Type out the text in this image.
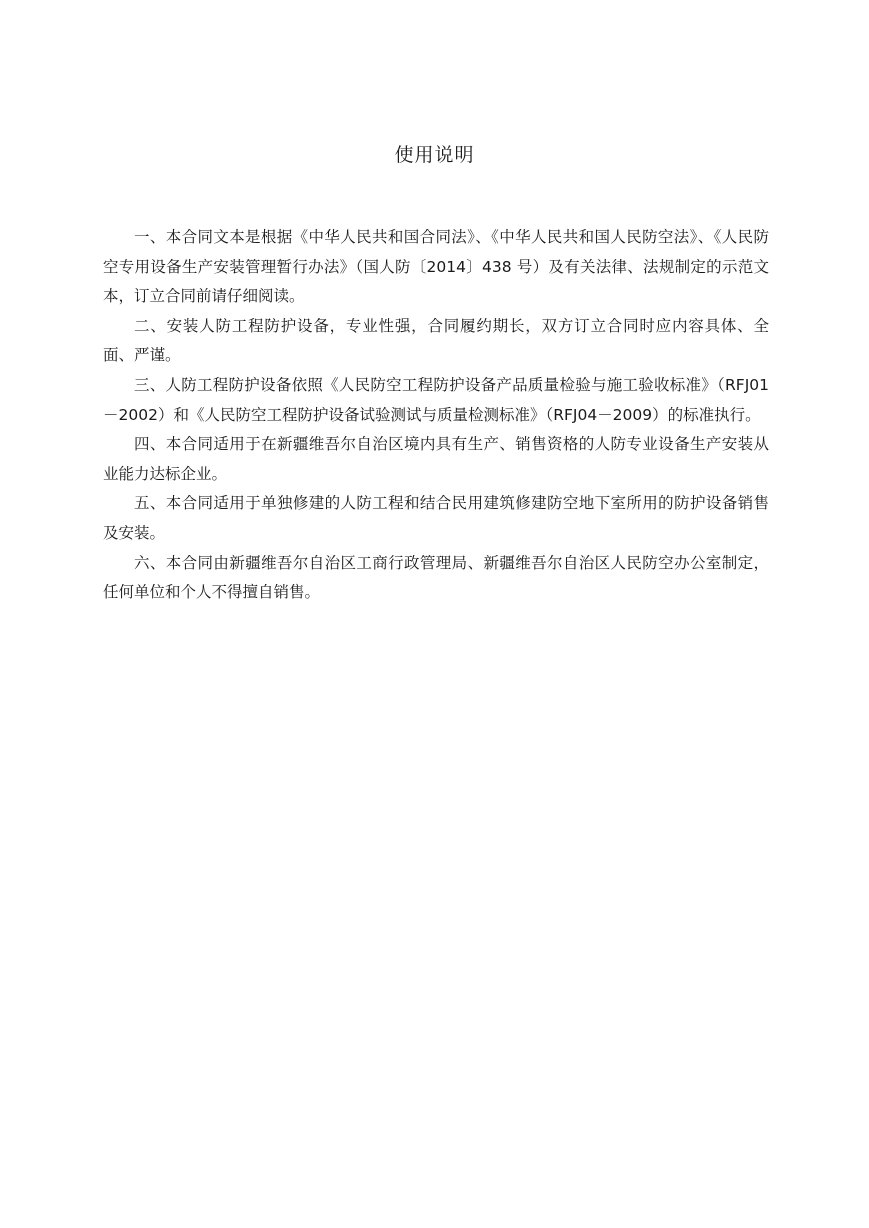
使用说明

一、本合同文本是根据《中华人民共和国合同法》、《中华人民共和国人民防空法》、《人民防空专用设备生产安装管理暂行办法》（国人防〔2014〕438 号）及有关法律、法规制定的示范文本，订立合同前请仔细阅读。

二、安装人防工程防护设备，专业性强，合同履约期长，双方订立合同时应内容具体、全面、严谨。

三、人防工程防护设备依照《人民防空工程防护设备产品质量检验与施工验收标准》（RFJ01－2002）和《人民防空工程防护设备试验测试与质量检测标准》（RFJ04－2009）的标准执行。

四、本合同适用于在新疆维吾尔自治区境内具有生产、销售资格的人防专业设备生产安装从业能力达标企业。

五、本合同适用于单独修建的人防工程和结合民用建筑修建防空地下室所用的防护设备销售及安装。

六、本合同由新疆维吾尔自治区工商行政管理局、新疆维吾尔自治区人民防空办公室制定，任何单位和个人不得擅自销售。
